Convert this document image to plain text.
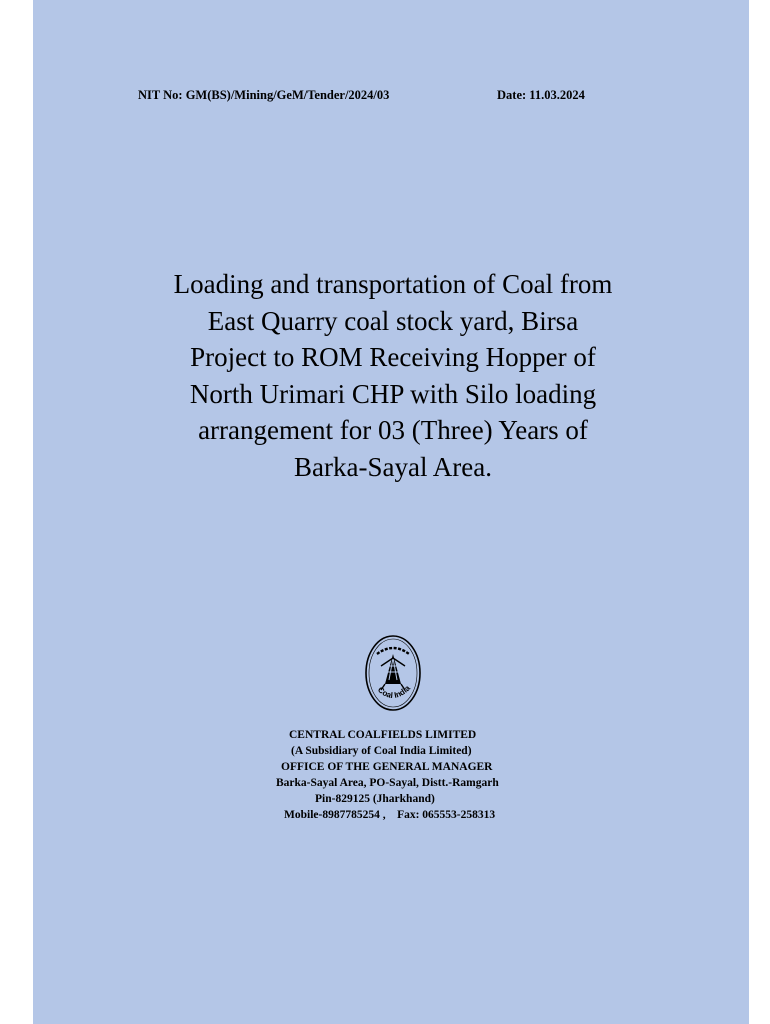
NIT No: GM(BS)/Mining/GeM/Tender/2024/03	Date: 11.03.2024
Loading and transportation of Coal from
East Quarry coal stock yard, Birsa
Project to ROM Receiving Hopper of
North Urimari CHP with Silo loading
arrangement for 03 (Three) Years of
Barka-Sayal Area.
Coal India
CENTRAL COALFIELDS LIMITED
(A Subsidiary of Coal India Limited)
OFFICE OF THE GENERAL MANAGER
Barka-Sayal Area, PO-Sayal, Distt.-Ramgarh
Pin-829125 (Jharkhand)
Mobile-8987785254 ,    Fax: 065553-258313
